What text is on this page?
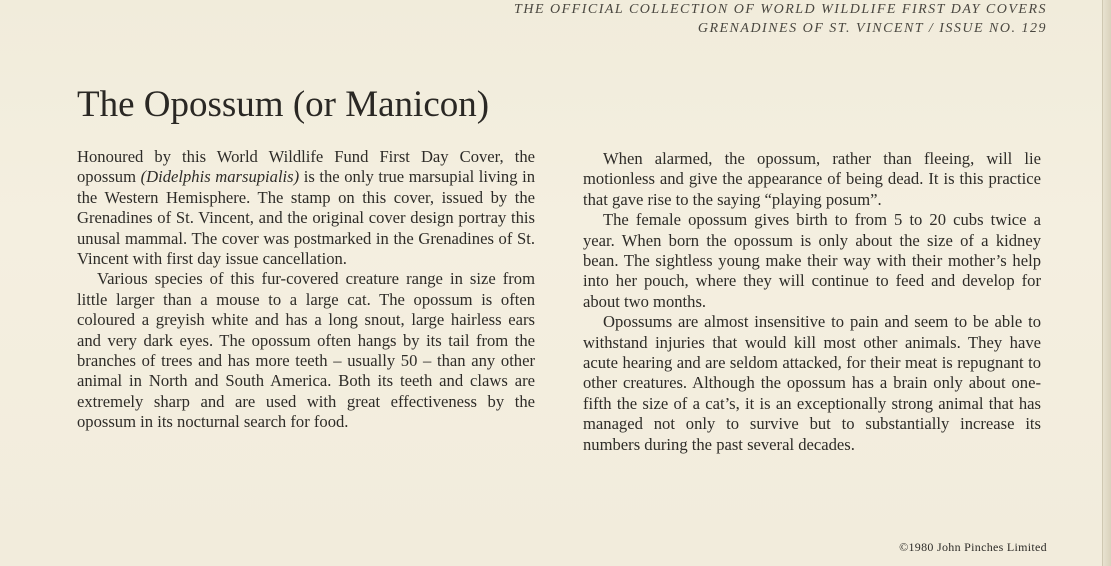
THE OFFICIAL COLLECTION OF WORLD WILDLIFE FIRST DAY COVERS
GRENADINES OF ST. VINCENT / ISSUE NO. 129
The Opossum (or Manicon)

Honoured by this World Wildlife Fund First Day Cover, the opossum (Didelphis marsupialis) is the only true marsupial living in the Western Hemisphere. The stamp on this cover, issued by the Grenadines of St. Vincent, and the original cover design portray this unusal mammal. The cover was postmarked in the Grenadines of St. Vincent with first day issue cancellation.

Various species of this fur-covered creature range in size from little larger than a mouse to a large cat. The opossum is often coloured a greyish white and has a long snout, large hairless ears and very dark eyes. The opossum often hangs by its tail from the branches of trees and has more teeth – usually 50 – than any other animal in North and South America. Both its teeth and claws are extremely sharp and are used with great effectiveness by the opossum in its nocturnal search for food.

When alarmed, the opossum, rather than fleeing, will lie motionless and give the appearance of being dead. It is this practice that gave rise to the saying “playing posum”.

The female opossum gives birth to from 5 to 20 cubs twice a year. When born the opossum is only about the size of a kidney bean. The sightless young make their way with their mother’s help into her pouch, where they will continue to feed and develop for about two months.

Opossums are almost insensitive to pain and seem to be able to withstand injuries that would kill most other animals. They have acute hearing and are seldom attacked, for their meat is repugnant to other creatures. Although the opossum has a brain only about one-fifth the size of a cat’s, it is an exceptionally strong animal that has managed not only to survive but to substantially increase its numbers during the past several decades.

©1980 John Pinches Limited
